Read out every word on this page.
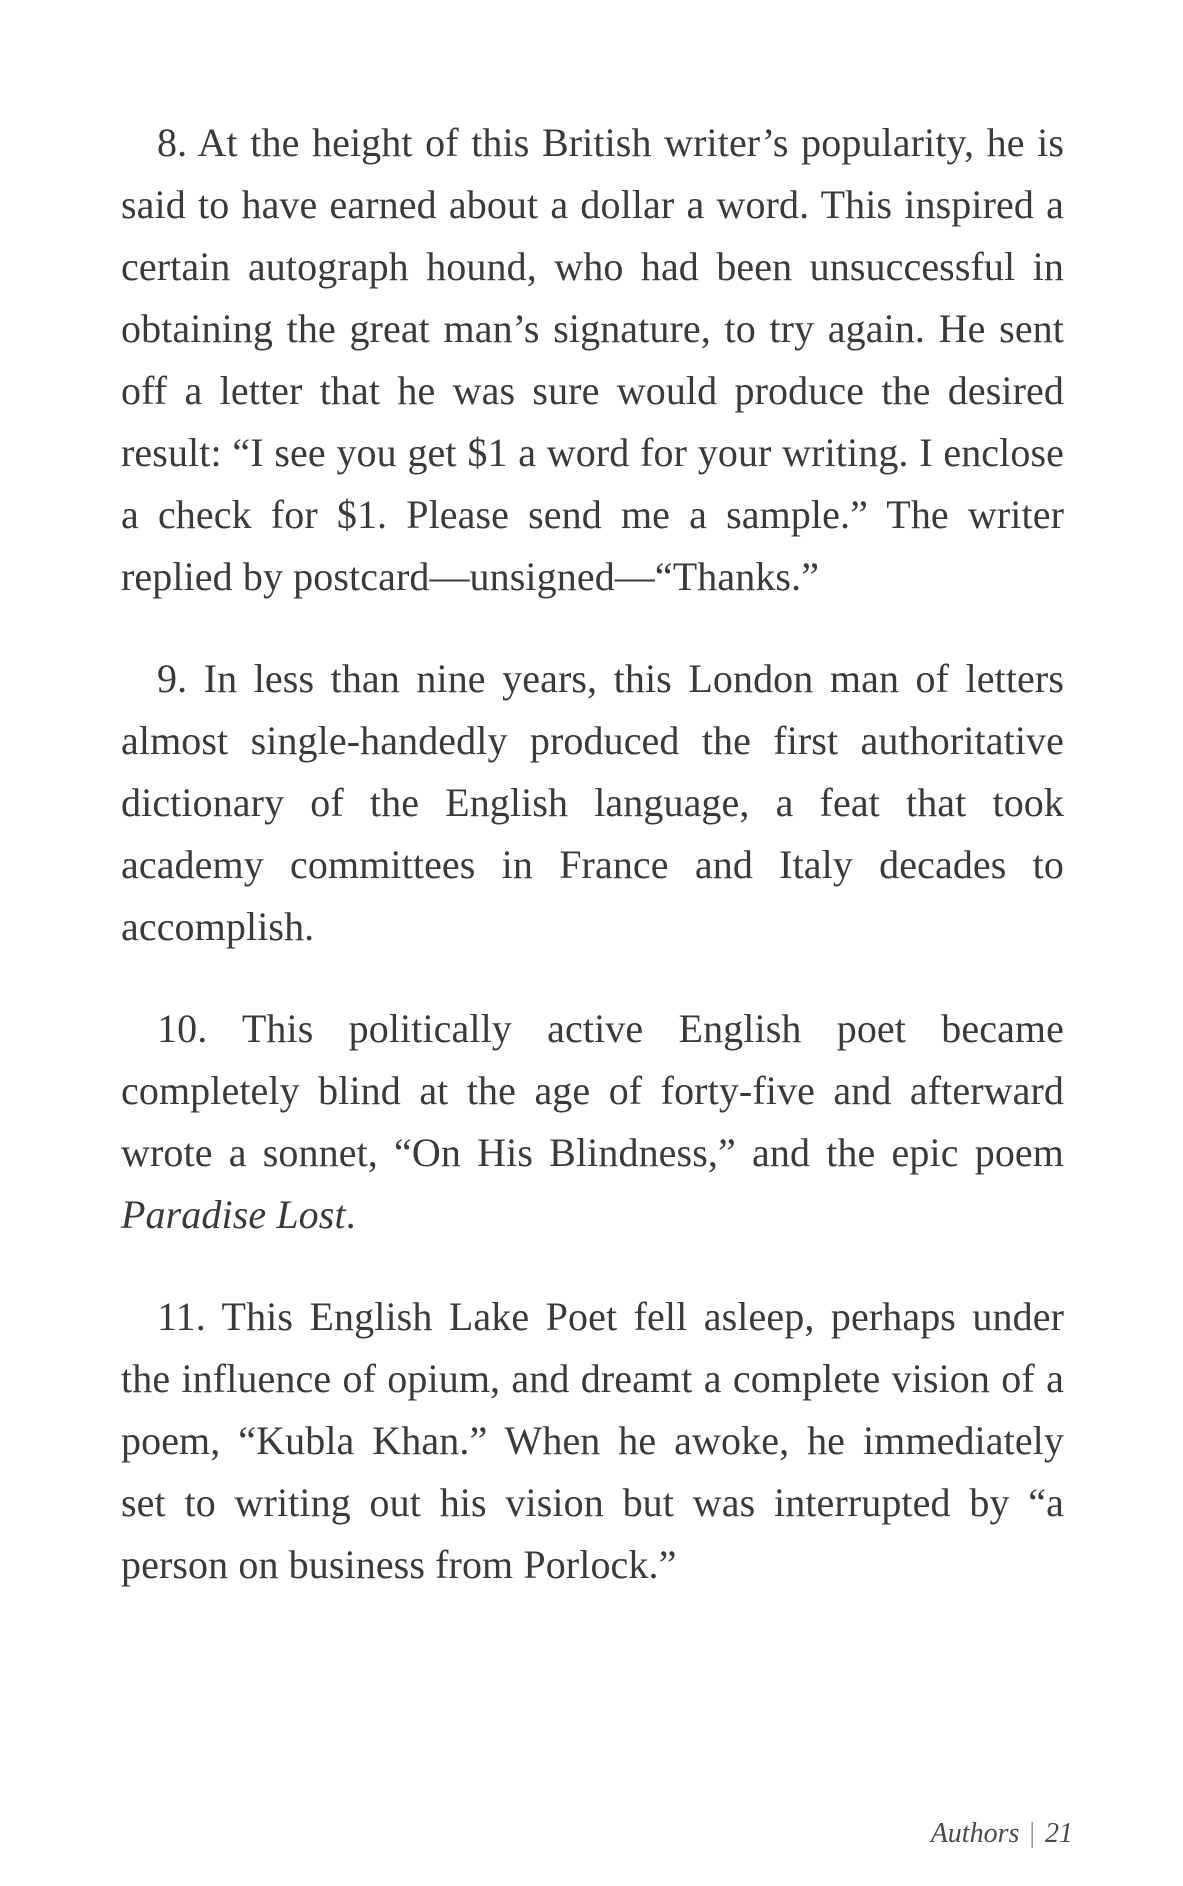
8. At the height of this British writer’s popularity, he is said to have earned about a dollar a word. This inspired a certain autograph hound, who had been unsuccessful in obtaining the great man’s signature, to try again. He sent off a letter that he was sure would produce the desired result: “I see you get $1 a word for your writing. I enclose a check for $1. Please send me a sample.” The writer replied by postcard—unsigned—“Thanks.”

9. In less than nine years, this London man of letters almost single-handedly produced the first authoritative dictionary of the English language, a feat that took academy committees in France and Italy decades to accomplish.

10. This politically active English poet became completely blind at the age of forty-five and afterward wrote a sonnet, “On His Blindness,” and the epic poem Paradise Lost.

11. This English Lake Poet fell asleep, perhaps under the influence of opium, and dreamt a complete vision of a poem, “Kubla Khan.” When he awoke, he immediately set to writing out his vision but was interrupted by “a person on business from Porlock.”

Authors | 21
